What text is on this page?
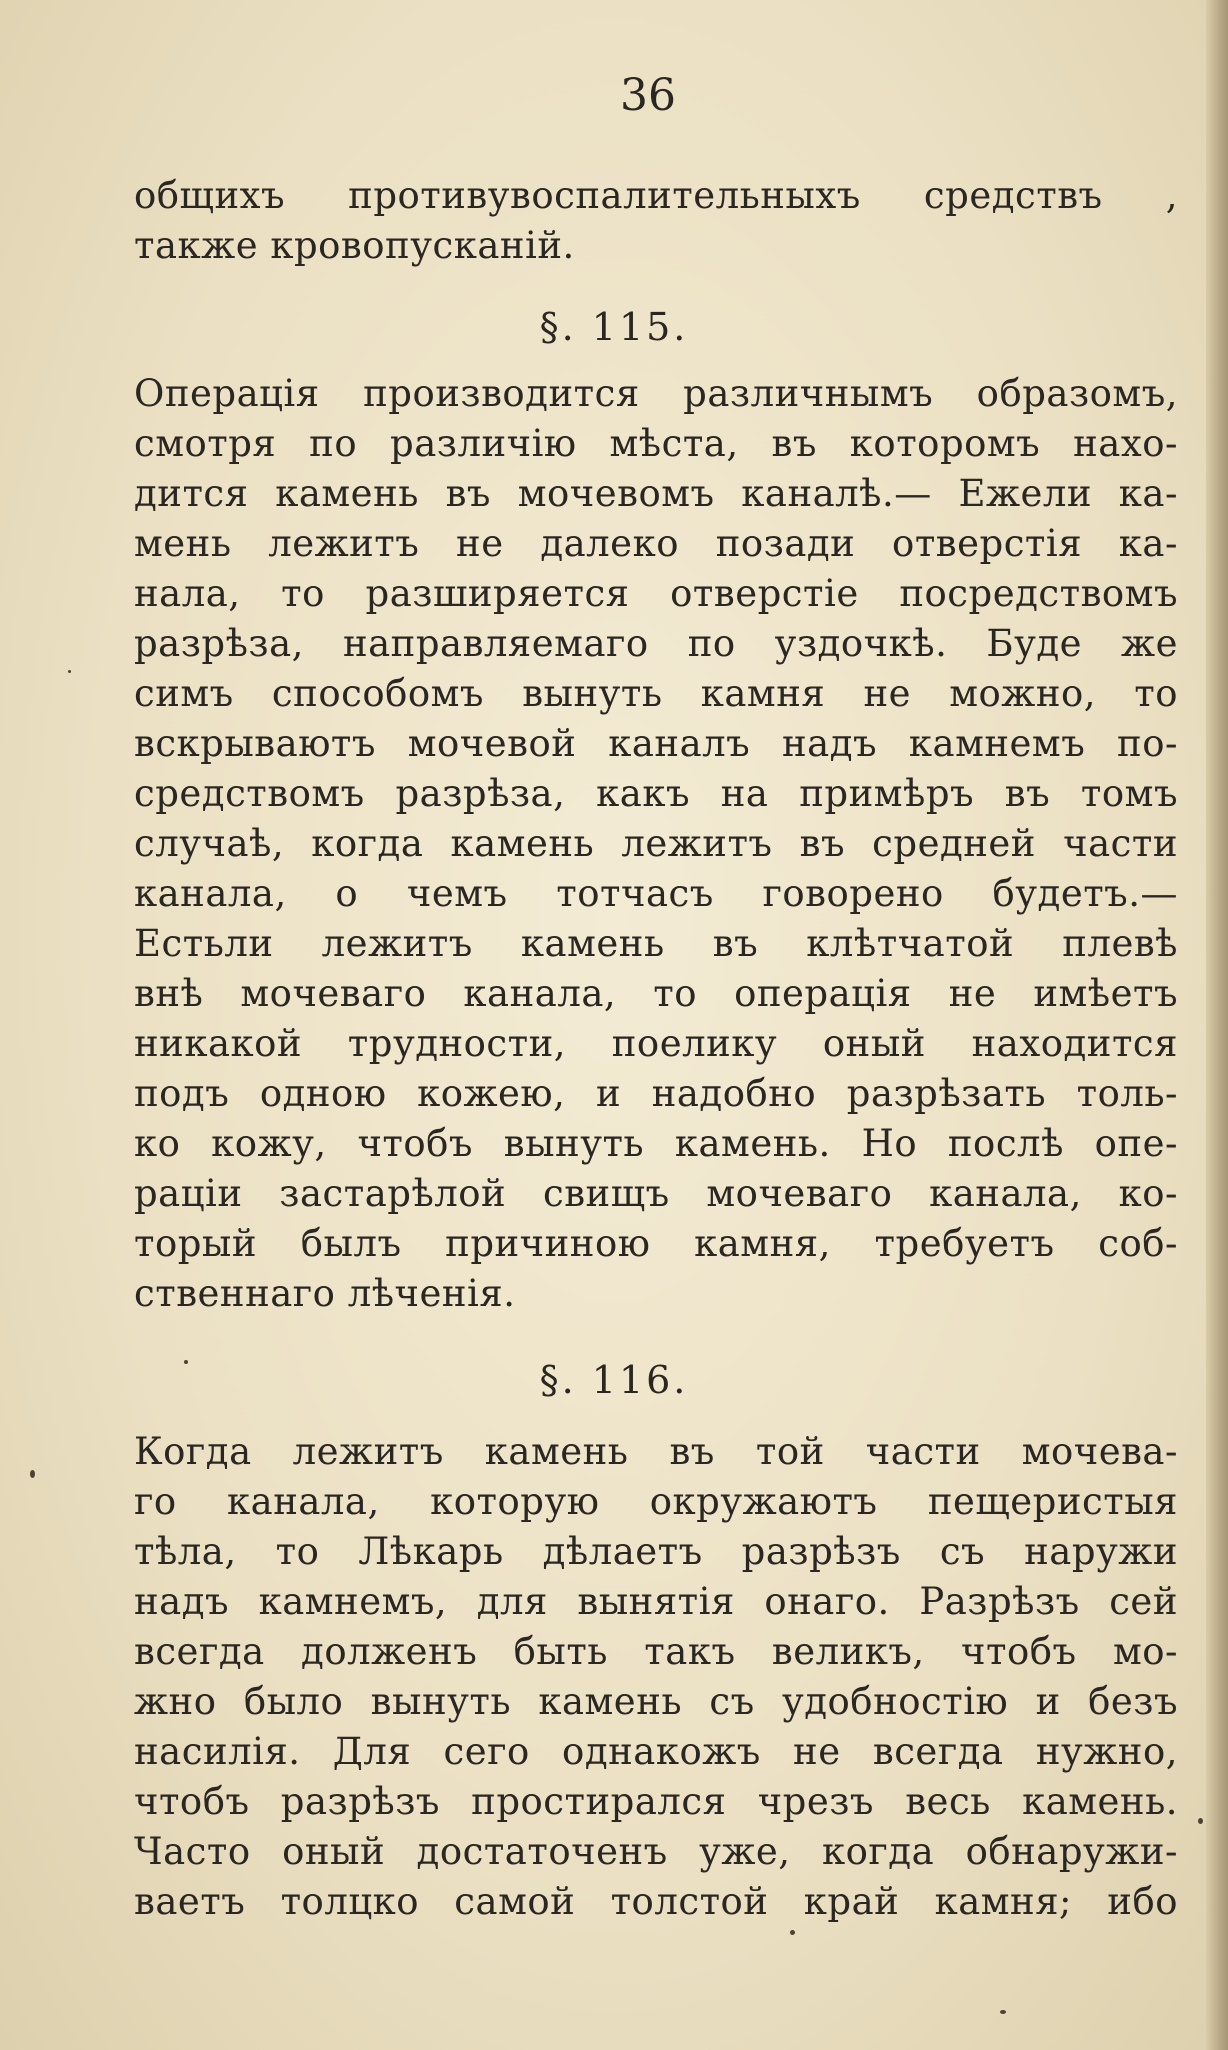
36
общихъ противувоспалительныхъ средствъ ,
также кровопусканій.
§. 115.
Операція производится различнымъ образомъ,
смотря по различію мѣста, въ которомъ нахо-
дится камень въ мочевомъ каналѣ.— Ежели ка-
мень лежитъ не далеко позади отверстія ка-
нала, то разширяется отверстіе посредствомъ
разрѣза, направляемаго по уздочкѣ. Буде же
симъ способомъ вынуть камня не можно, то
вскрываютъ мочевой каналъ надъ камнемъ по-
средствомъ разрѣза, какъ на примѣръ въ томъ
случаѣ, когда камень лежитъ въ средней части
канала, о чемъ тотчасъ говорено будетъ.—
Естьли лежитъ камень въ клѣтчатой плевѣ
внѣ мочеваго канала, то операція не имѣетъ
никакой трудности, поелику оный находится
подъ одною кожею, и надобно разрѣзать толь-
ко кожу, чтобъ вынуть камень. Но послѣ опе-
раціи застарѣлой свищъ мочеваго канала, ко-
торый былъ причиною камня, требуетъ соб-
ственнаго лѣченія.
§. 116.
Когда лежитъ камень въ той части мочева-
го канала, которую окружаютъ пещеристыя
тѣла, то Лѣкарь дѣлаетъ разрѣзъ съ наружи
надъ камнемъ, для вынятія онаго. Разрѣзъ сей
всегда долженъ быть такъ великъ, чтобъ мо-
жно было вынуть камень съ удобностію и безъ
насилія. Для сего однакожъ не всегда нужно,
чтобъ разрѣзъ простирался чрезъ весь камень.
Часто оный достаточенъ уже, когда обнаружи-
ваетъ толцко самой толстой край камня; ибо
